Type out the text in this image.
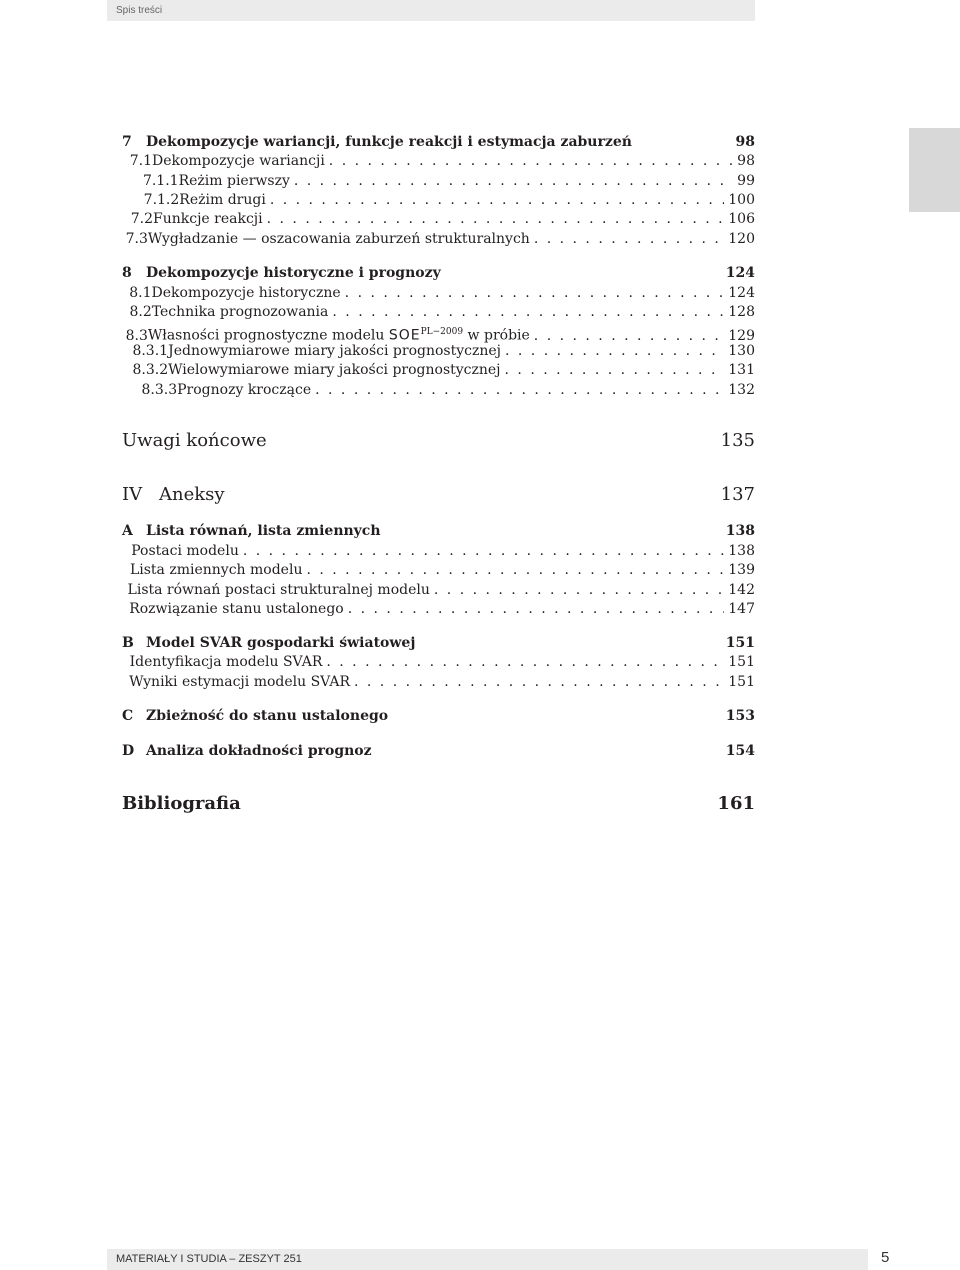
Spis treści
7	Dekompozycje wariancji, funkcje reakcji i estymacja zaburzeń	98
7.1 Dekompozycje wariancji . . .	98
7.1.1 Reżim pierwszy . . .	99
7.1.2 Reżim drugi . . .	100
7.2 Funkcje reakcji . . .	106
7.3 Wygładzanie — oszacowania zaburzeń strukturalnych . . .	120
8	Dekompozycje historyczne i prognozy	124
8.1 Dekompozycje historyczne . . .	124
8.2 Technika prognozowania . . .	128
8.3 Własności prognostyczne modelu $SOE^{PL-2009}$ w próbie . . .	129
8.3.1 Jednowymiarowe miary jakości prognostycznej . . .	130
8.3.2 Wielowymiarowe miary jakości prognostycznej . . .	131
8.3.3 Prognozy kroczące . . .	132
Uwagi końcowe	135
IV Aneksy	137
A Lista równań, lista zmiennych	138
Postaci modelu . . .	138
Lista zmiennych modelu . . .	139
Lista równań postaci strukturalnej modelu . . .	142
Rozwiązanie stanu ustalonego . . .	147
B Model SVAR gospodarki światowej	151
Identyfikacja modelu SVAR . . .	151
Wyniki estymacji modelu SVAR . . .	151
C Zbieżność do stanu ustalonego	153
D Analiza dokładności prognoz	154
Bibliografia	161
MATERIAŁY I STUDIA – ZESZYT 251	5
